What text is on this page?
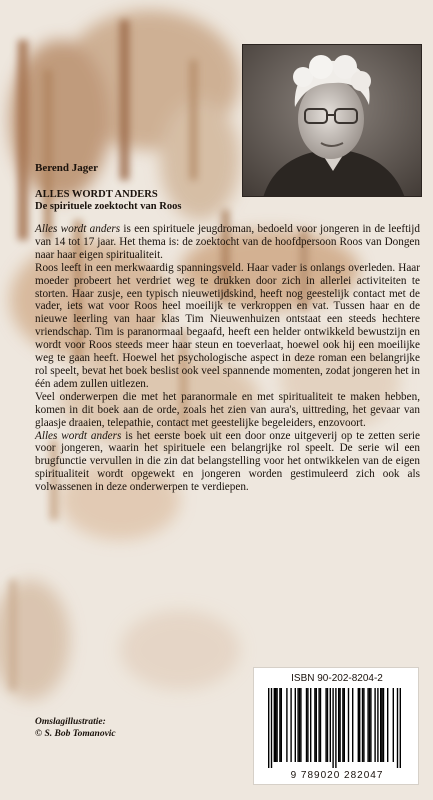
Berend Jager
ALLES WORDT ANDERS
De spirituele zoektocht van Roos

Alles wordt anders is een spirituele jeugdroman, bedoeld voor jongeren in de leeftijd van 14 tot 17 jaar. Het thema is: de zoektocht van de hoofdpersoon Roos van Dongen naar haar eigen spiritualiteit.

Roos leeft in een merkwaardig spanningsveld. Haar vader is onlangs overleden. Haar moeder probeert het verdriet weg te drukken door zich in allerlei activiteiten te storten. Haar zusje, een typisch nieuwetijdskind, heeft nog geestelijk contact met de vader, iets wat voor Roos heel moeilijk te verkroppen en vat. Tussen haar en de nieuwe leerling van haar klas Tim Nieuwenhuizen ontstaat een steeds hechtere vriendschap. Tim is paranormaal begaafd, heeft een helder ontwikkeld bewustzijn en wordt voor Roos steeds meer haar steun en toeverlaat, hoewel ook hij een moeilijke weg te gaan heeft. Hoewel het psychologische aspect in deze roman een belangrijke rol speelt, bevat het boek beslist ook veel spannende momenten, zodat jongeren het in één adem zullen uitlezen.

Veel onderwerpen die met het paranormale en met spiritualiteit te maken hebben, komen in dit boek aan de orde, zoals het zien van aura's, uittreding, het gevaar van glaasje draaien, telepathie, contact met geestelijke begeleiders, enzovoort.

Alles wordt anders is het eerste boek uit een door onze uitgeverij op te zetten serie voor jongeren, waarin het spirituele een belangrijke rol speelt. De serie wil een brugfunctie vervullen in die zin dat belangstelling voor het ontwikkelen van de eigen spiritualiteit wordt opgewekt en jongeren worden gestimuleerd zich ook als volwassenen in deze onderwerpen te verdiepen.

Omslagillustratie:
© S. Bob Tomanovic
ISBN 90-202-8204-2
9 789020 282047
